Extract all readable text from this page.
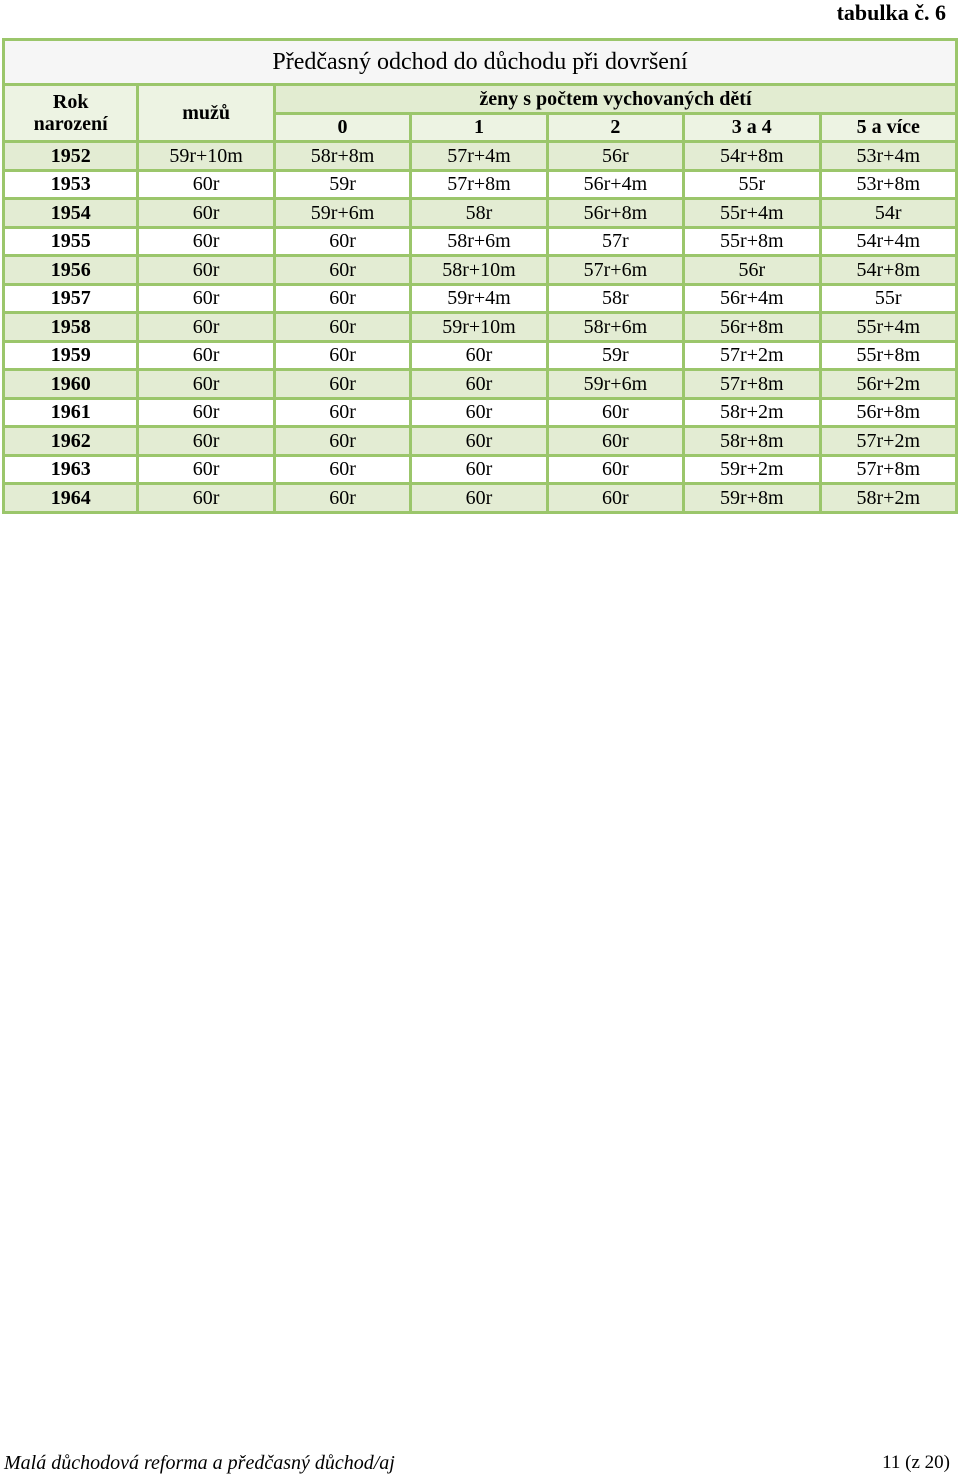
tabulka č. 6
Předčasný odchod do důchodu při dovršení						

Rok
narození	mužů	ženy s počtem vychovaných dětí				
		0	1	2	3 a 4	5 a více
1952	59r+10m	58r+8m	57r+4m	56r	54r+8m	53r+4m
1953	60r	59r	57r+8m	56r+4m	55r	53r+8m
1954	60r	59r+6m	58r	56r+8m	55r+4m	54r
1955	60r	60r	58r+6m	57r	55r+8m	54r+4m
1956	60r	60r	58r+10m	57r+6m	56r	54r+8m
1957	60r	60r	59r+4m	58r	56r+4m	55r
1958	60r	60r	59r+10m	58r+6m	56r+8m	55r+4m
1959	60r	60r	60r	59r	57r+2m	55r+8m
1960	60r	60r	60r	59r+6m	57r+8m	56r+2m
1961	60r	60r	60r	60r	58r+2m	56r+8m
1962	60r	60r	60r	60r	58r+8m	57r+2m
1963	60r	60r	60r	60r	59r+2m	57r+8m
1964	60r	60r	60r	60r	59r+8m	58r+2m
Malá důchodová reforma a předčasný důchod/aj	11 (z 20)
